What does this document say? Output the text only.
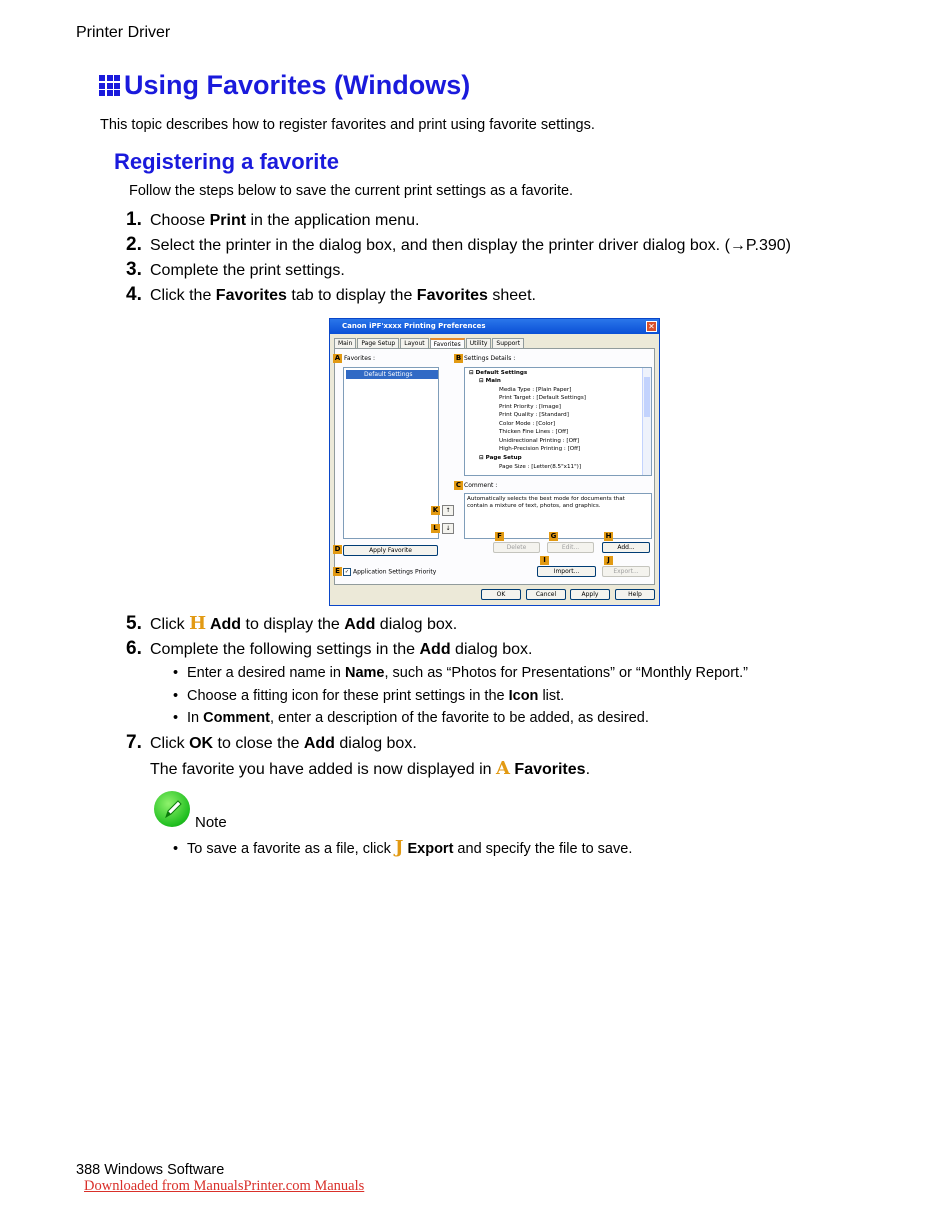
Printer Driver
Using Favorites (Windows)
This topic describes how to register favorites and print using favorite settings.
Registering a favorite
Follow the steps below to save the current print settings as a favorite.
1. Choose Print in the application menu.
2. Select the printer in the dialog box, and then display the printer driver dialog box. (→P.390)
3. Complete the print settings.
4. Click the Favorites tab to display the Favorites sheet.
Canon iPF'xxxx Printing Preferences	✕
Main	Page Setup	Layout	Favorites	Utility	Support
A Favorites :
Default Settings
B Settings Details :
⊟ Default Settings
⊟ Main
Media Type : [Plain Paper]
Print Target : [Default Settings]
Print Priority : [Image]
Print Quality : [Standard]
Color Mode : [Color]
Thicken Fine Lines : [Off]
Unidirectional Printing : [Off]
High-Precision Printing : [Off]
⊟ Page Setup
Page Size : [Letter(8.5"x11")]
C Comment :
Automatically selects the best mode for documents that contain a mixture of text, photos, and graphics.
K	↑
L	↓
D	Apply Favorite
F
Delete
G
Edit...
H
Add...
I
Import...
J
Export...
E	✓ Application Settings Priority
OK	Cancel	Apply	Help
5. Click H Add to display the Add dialog box.
6. Complete the following settings in the Add dialog box.
• Enter a desired name in Name, such as “Photos for Presentations” or “Monthly Report.”
• Choose a fitting icon for these print settings in the Icon list.
• In Comment, enter a description of the favorite to be added, as desired.
7. Click OK to close the Add dialog box.
The favorite you have added is now displayed in A Favorites.
Note
• To save a favorite as a file, click J Export and specify the file to save.
388 Windows Software
Downloaded from ManualsPrinter.com Manuals
